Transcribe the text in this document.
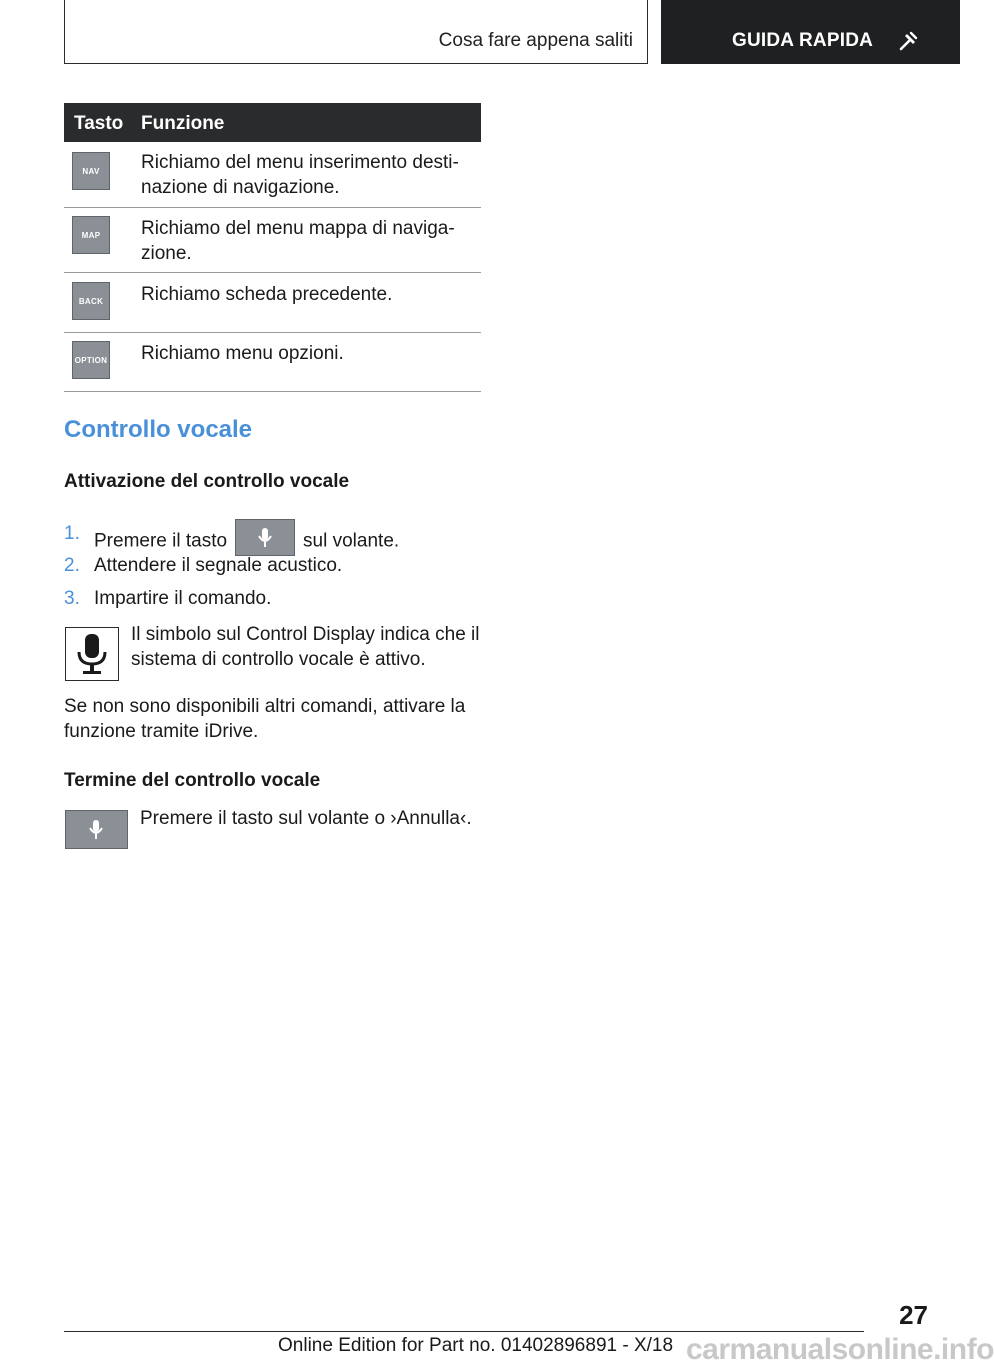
Cosa fare appena saliti	GUIDA RAPIDA
Tasto Funzione
NAV	Richiamo del menu inserimento desti-nazione di navigazione.
MAP	Richiamo del menu mappa di naviga-zione.
BACK	Richiamo scheda precedente.
OPTION Richiamo menu opzioni.
Controllo vocale
Attivazione del controllo vocale
1. Premere il tasto	sul volante.
2. Attendere il segnale acustico.
3. Impartire il comando.
Il simbolo sul Control Display indica che il sistema di controllo vocale è attivo.
Se non sono disponibili altri comandi, attivare la funzione tramite iDrive.
Termine del controllo vocale
Premere il tasto sul volante o ›Annulla‹.
27
Online Edition for Part no. 01402896891 - X/18 carmanualsonline.info
